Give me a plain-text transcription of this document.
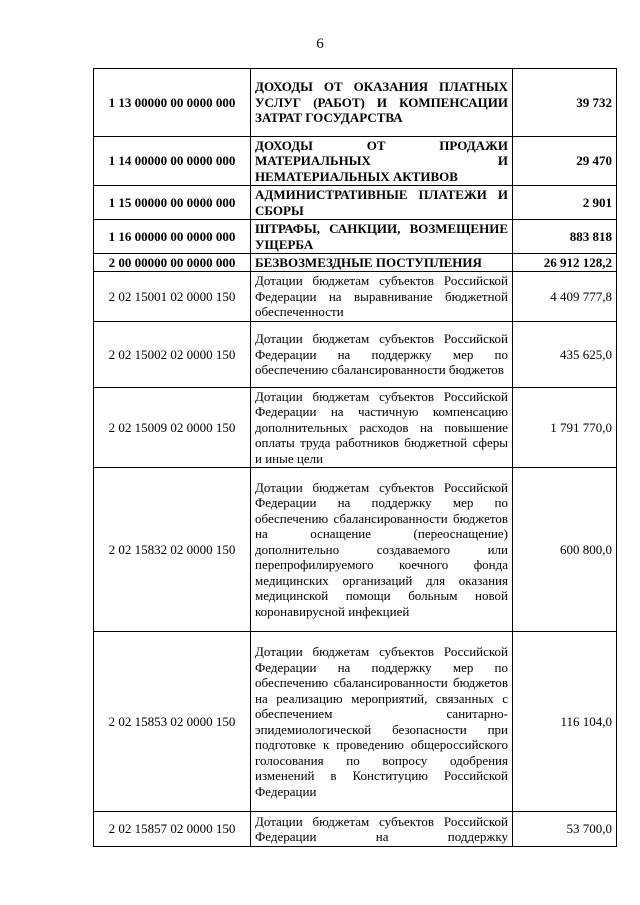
6
1 13 00000 00 0000 000	ДОХОДЫ ОТ ОКАЗАНИЯ ПЛАТНЫХ УСЛУГ (РАБОТ) И КОМПЕНСАЦИИ ЗАТРАТ ГОСУДАРСТВА	39 732
1 14 00000 00 0000 000	ДОХОДЫ ОТ ПРОДАЖИ МАТЕРИАЛЬНЫХ И НЕМАТЕРИАЛЬНЫХ АКТИВОВ	29 470
1 15 00000 00 0000 000	АДМИНИСТРАТИВНЫЕ ПЛАТЕЖИ И СБОРЫ	2 901
1 16 00000 00 0000 000	ШТРАФЫ, САНКЦИИ, ВОЗМЕЩЕНИЕ УЩЕРБА	883 818
2 00 00000 00 0000 000	БЕЗВОЗМЕЗДНЫЕ ПОСТУПЛЕНИЯ	26 912 128,2
2 02 15001 02 0000 150	Дотации бюджетам субъектов Российской Федерации на выравнивание бюджетной обеспеченности	4 409 777,8
2 02 15002 02 0000 150	Дотации бюджетам субъектов Российской Федерации на поддержку мер по обеспечению сбалансированности бюджетов	435 625,0
2 02 15009 02 0000 150	Дотации бюджетам субъектов Российской Федерации на частичную компенсацию дополнительных расходов на повышение оплаты труда работников бюджетной сферы и иные цели	1 791 770,0
2 02 15832 02 0000 150	Дотации бюджетам субъектов Российской Федерации на поддержку мер по обеспечению сбалансированности бюджетов на оснащение (переоснащение) дополнительно создаваемого или перепрофилируемого коечного фонда медицинских организаций для оказания медицинской помощи больным новой коронавирусной инфекцией	600 800,0
2 02 15853 02 0000 150	Дотации бюджетам субъектов Российской Федерации на поддержку мер по обеспечению сбалансированности бюджетов на реализацию мероприятий, связанных с обеспечением санитарно-эпидемиологической безопасности при подготовке к проведению общероссийского голосования по вопросу одобрения изменений в Конституцию Российской Федерации	116 104,0
2 02 15857 02 0000 150	Дотации бюджетам субъектов Российской Федерации на поддержку	53 700,0
